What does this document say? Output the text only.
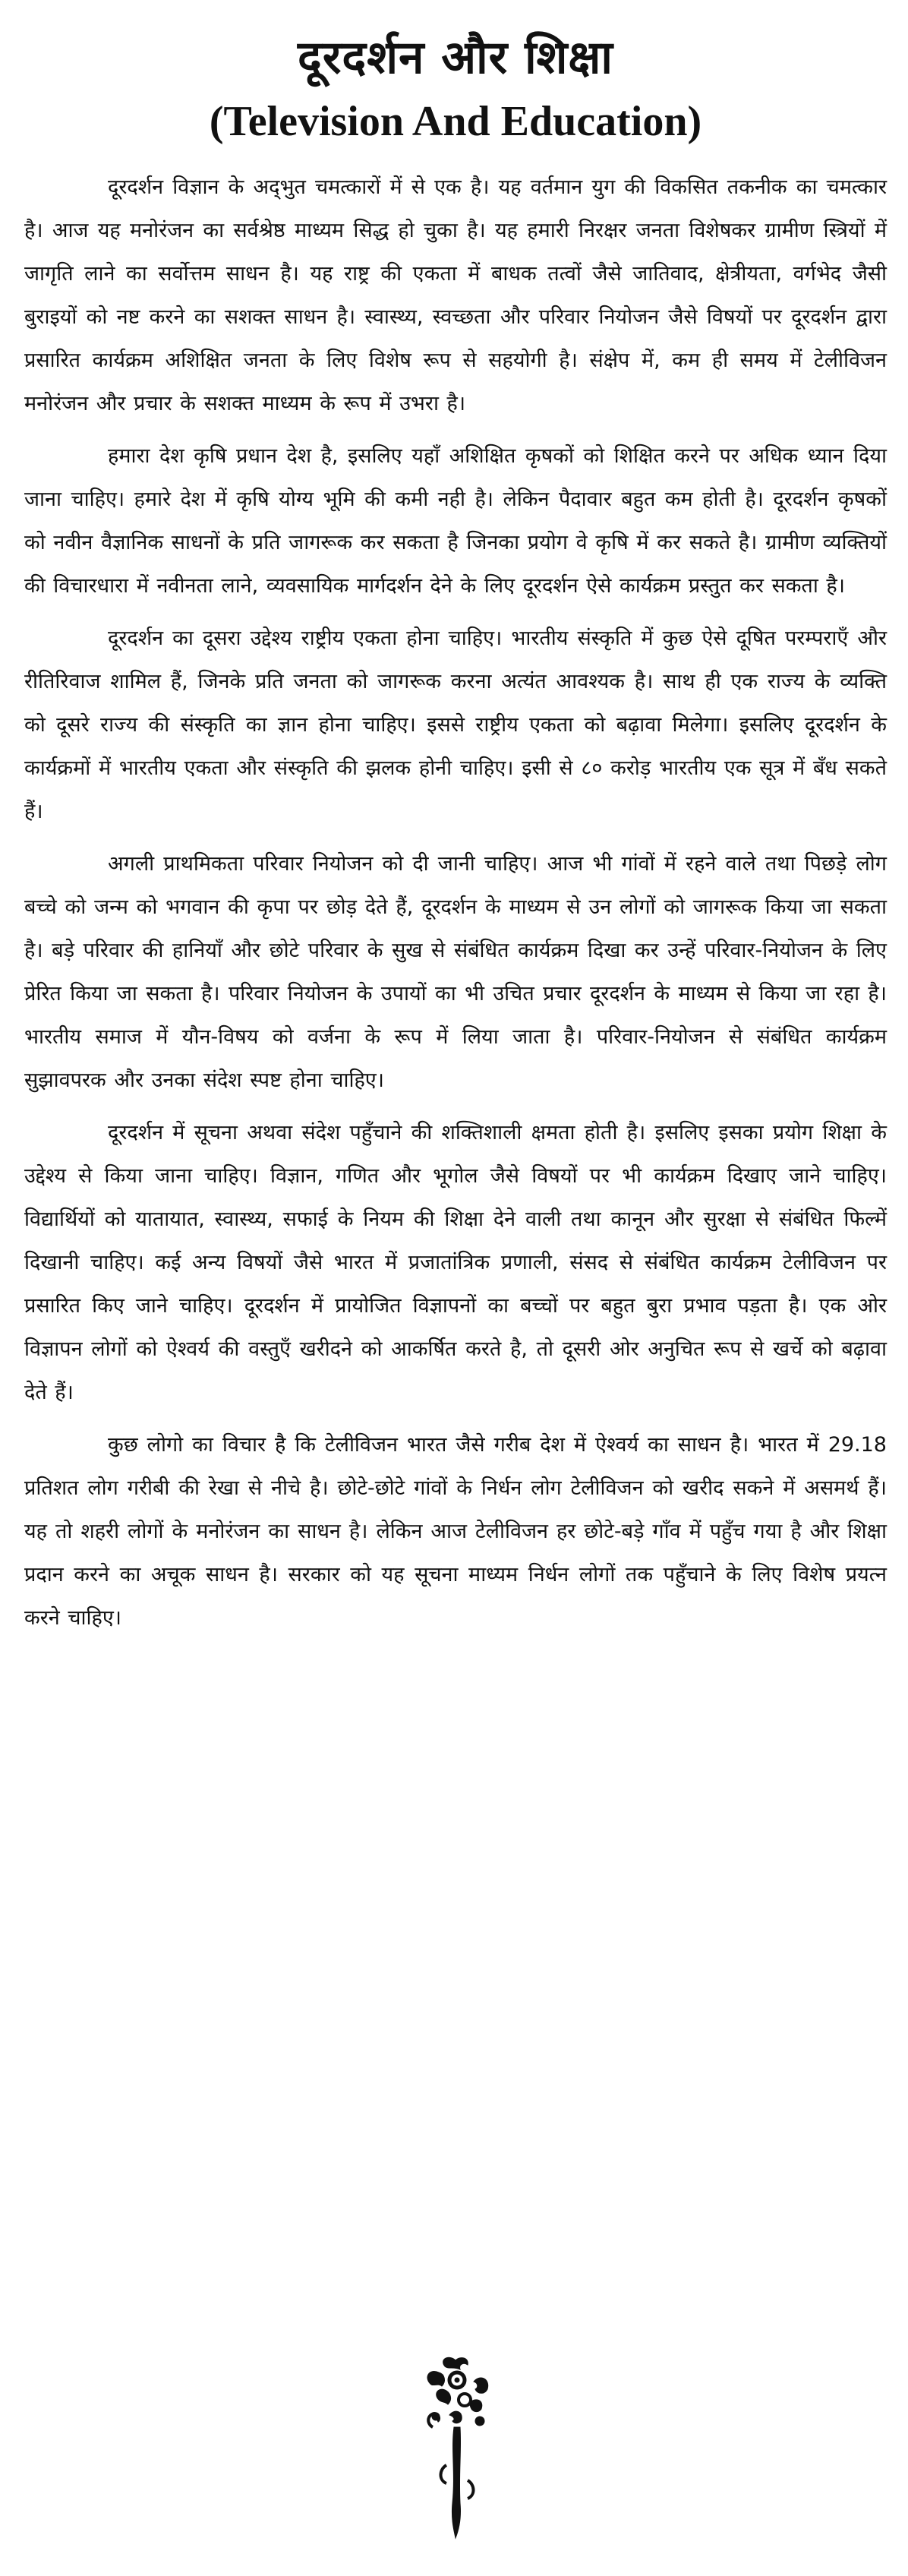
दूरदर्शन और शिक्षा
(Television And Education)

दूरदर्शन विज्ञान के अद्‌भुत चमत्कारों में से एक है। यह वर्तमान युग की विकसित तकनीक का चमत्कार है। आज यह मनोरंजन का सर्वश्रेष्ठ माध्यम सिद्ध हो चुका है। यह हमारी निरक्षर जनता विशेषकर ग्रामीण स्त्रियों में जागृति लाने का सर्वोत्तम साधन है। यह राष्ट्र की एकता में बाधक तत्वों जैसे जातिवाद, क्षेत्रीयता, वर्गभेद जैसी बुराइयों को नष्ट करने का सशक्त साधन है। स्वास्थ्य, स्वच्छता और परिवार नियोजन जैसे विषयों पर दूरदर्शन द्वारा प्रसारित कार्यक्रम अशिक्षित जनता के लिए विशेष रूप से सहयोगी है। संक्षेप में, कम ही समय में टेलीविजन मनोरंजन और प्रचार के सशक्त माध्यम के रूप में उभरा है।

हमारा देश कृषि प्रधान देश है, इसलिए यहाँ अशिक्षित कृषकों को शिक्षित करने पर अधिक ध्यान दिया जाना चाहिए। हमारे देश में कृषि योग्य भूमि की कमी नही है। लेकिन पैदावार बहुत कम होती है। दूरदर्शन कृषकों को नवीन वैज्ञानिक साधनों के प्रति जागरूक कर सकता है जिनका प्रयोग वे कृषि में कर सकते है। ग्रामीण व्यक्तियों की विचारधारा में नवीनता लाने, व्यवसायिक मार्गदर्शन देने के लिए दूरदर्शन ऐसे कार्यक्रम प्रस्तुत कर सकता है।

दूरदर्शन का दूसरा उद्देश्य राष्ट्रीय एकता होना चाहिए। भारतीय संस्कृति में कुछ ऐसे दूषित परम्पराएँ और रीतिरिवाज शामिल हैं, जिनके प्रति जनता को जागरूक करना अत्यंत आवश्यक है। साथ ही एक राज्य के व्यक्ति को दूसरे राज्य की संस्कृति का ज्ञान होना चाहिए। इससे राष्ट्रीय एकता को बढ़ावा मिलेगा। इसलिए दूरदर्शन के कार्यक्रमों में भारतीय एकता और संस्कृति की झलक होनी चाहिए। इसी से ८० करोड़ भारतीय एक सूत्र में बँध सकते हैं।

अगली प्राथमिकता परिवार नियोजन को दी जानी चाहिए। आज भी गांवों में रहने वाले तथा पिछड़े लोग बच्चे को जन्म को भगवान की कृपा पर छोड़ देते हैं, दूरदर्शन के माध्यम से उन लोगों को जागरूक किया जा सकता है। बड़े परिवार की हानियाँ और छोटे परिवार के सुख से संबंधित कार्यक्रम दिखा कर उन्हें परिवार-नियोजन के लिए प्रेरित किया जा सकता है। परिवार नियोजन के उपायों का भी उचित प्रचार दूरदर्शन के माध्यम से किया जा रहा है। भारतीय समाज में यौन-विषय को वर्जना के रूप में लिया जाता है। परिवार-नियोजन से संबंधित कार्यक्रम सुझावपरक और उनका संदेश स्पष्ट होना चाहिए।

दूरदर्शन में सूचना अथवा संदेश पहुँचाने की शक्तिशाली क्षमता होती है। इसलिए इसका प्रयोग शिक्षा के उद्देश्य से किया जाना चाहिए। विज्ञान, गणित और भूगोल जैसे विषयों पर भी कार्यक्रम दिखाए जाने चाहिए। विद्यार्थियों को यातायात, स्वास्थ्य, सफाई के नियम की शिक्षा देने वाली तथा कानून और सुरक्षा से संबंधित फिल्में दिखानी चाहिए। कई अन्य विषयों जैसे भारत में प्रजातांत्रिक प्रणाली, संसद से संबंधित कार्यक्रम टेलीविजन पर प्रसारित किए जाने चाहिए। दूरदर्शन में प्रायोजित विज्ञापनों का बच्चों पर बहुत बुरा प्रभाव पड़ता है। एक ओर विज्ञापन लोगों को ऐश्वर्य की वस्तुएँ खरीदने को आकर्षित करते है, तो दूसरी ओर अनुचित रूप से खर्चे को बढ़ावा देते हैं।

कुछ लोगो का विचार है कि टेलीविजन भारत जैसे गरीब देश में ऐश्वर्य का साधन है। भारत में 29.18 प्रतिशत लोग गरीबी की रेखा से नीचे है। छोटे-छोटे गांवों के निर्धन लोग टेलीविजन को खरीद सकने में असमर्थ हैं। यह तो शहरी लोगों के मनोरंजन का साधन है। लेकिन आज टेलीविजन हर छोटे-बड़े गाँव में पहुँच गया है और शिक्षा प्रदान करने का अचूक साधन है। सरकार को यह सूचना माध्यम निर्धन लोगों तक पहुँचाने के लिए विशेष प्रयत्न करने चाहिए।
